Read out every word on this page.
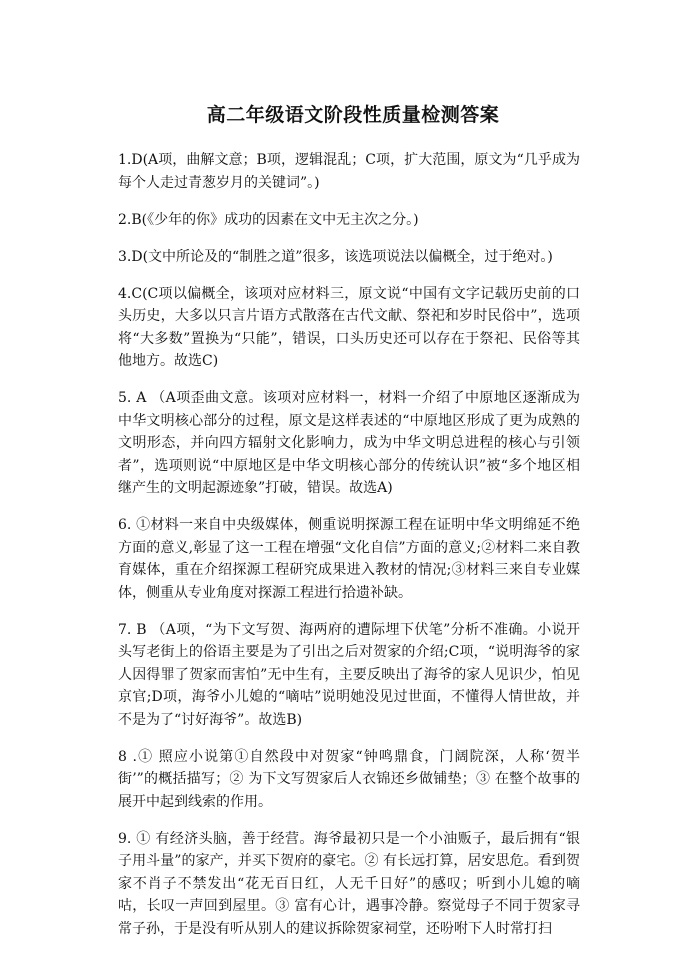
高二年级语文阶段性质量检测答案

1.D(A项，曲解文意；B项，逻辑混乱；C项，扩大范围，原文为“几乎成为每个人走过青葱岁月的关键词”。)

2.B(《少年的你》成功的因素在文中无主次之分。)

3.D(文中所论及的“制胜之道”很多，该选项说法以偏概全，过于绝对。)

4.C(C项以偏概全，该项对应材料三，原文说“中国有文字记载历史前的口头历史，大多以只言片语方式散落在古代文献、祭祀和岁时民俗中”，选项将“大多数”置换为“只能”，错误，口头历史还可以存在于祭祀、民俗等其他地方。故选C)

5. A （A项歪曲文意。该项对应材料一，材料一介绍了中原地区逐渐成为中华文明核心部分的过程，原文是这样表述的“中原地区形成了更为成熟的文明形态，并向四方辐射文化影响力，成为中华文明总进程的核心与引领者”，选项则说“中原地区是中华文明核心部分的传统认识”被“多个地区相继产生的文明起源迹象”打破，错误。故选A)

6. ①材料一来自中央级媒体，侧重说明探源工程在证明中华文明绵延不绝方面的意义,彰显了这一工程在增强“文化自信”方面的意义;②材料二来自教育媒体，重在介绍探源工程研究成果进入教材的情况;③材料三来自专业媒体，侧重从专业角度对探源工程进行拾遗补缺。

7. B （A项，“为下文写贺、海两府的遭际埋下伏笔”分析不准确。小说开头写老街上的俗语主要是为了引出之后对贺家的介绍;C项，“说明海爷的家人因得罪了贺家而害怕”无中生有，主要反映出了海爷的家人见识少，怕见京官;D项，海爷小儿媳的“嘀咕”说明她没见过世面，不懂得人情世故，并不是为了“讨好海爷”。故选B)

8 .① 照应小说第①自然段中对贺家“钟鸣鼎食，门阔院深，人称‘贺半街’”的概括描写；② 为下文写贺家后人衣锦还乡做铺垫；③ 在整个故事的展开中起到线索的作用。

9. ① 有经济头脑，善于经营。海爷最初只是一个小油贩子，最后拥有“银子用斗量”的家产，并买下贺府的豪宅。② 有长远打算，居安思危。看到贺家不肖子不禁发出“花无百日红，人无千日好”的感叹；听到小儿媳的嘀咕，长叹一声回到屋里。③ 富有心计，遇事冷静。察觉母子不同于贺家寻常子孙，于是没有听从别人的建议拆除贺家祠堂，还吩咐下人时常打扫
